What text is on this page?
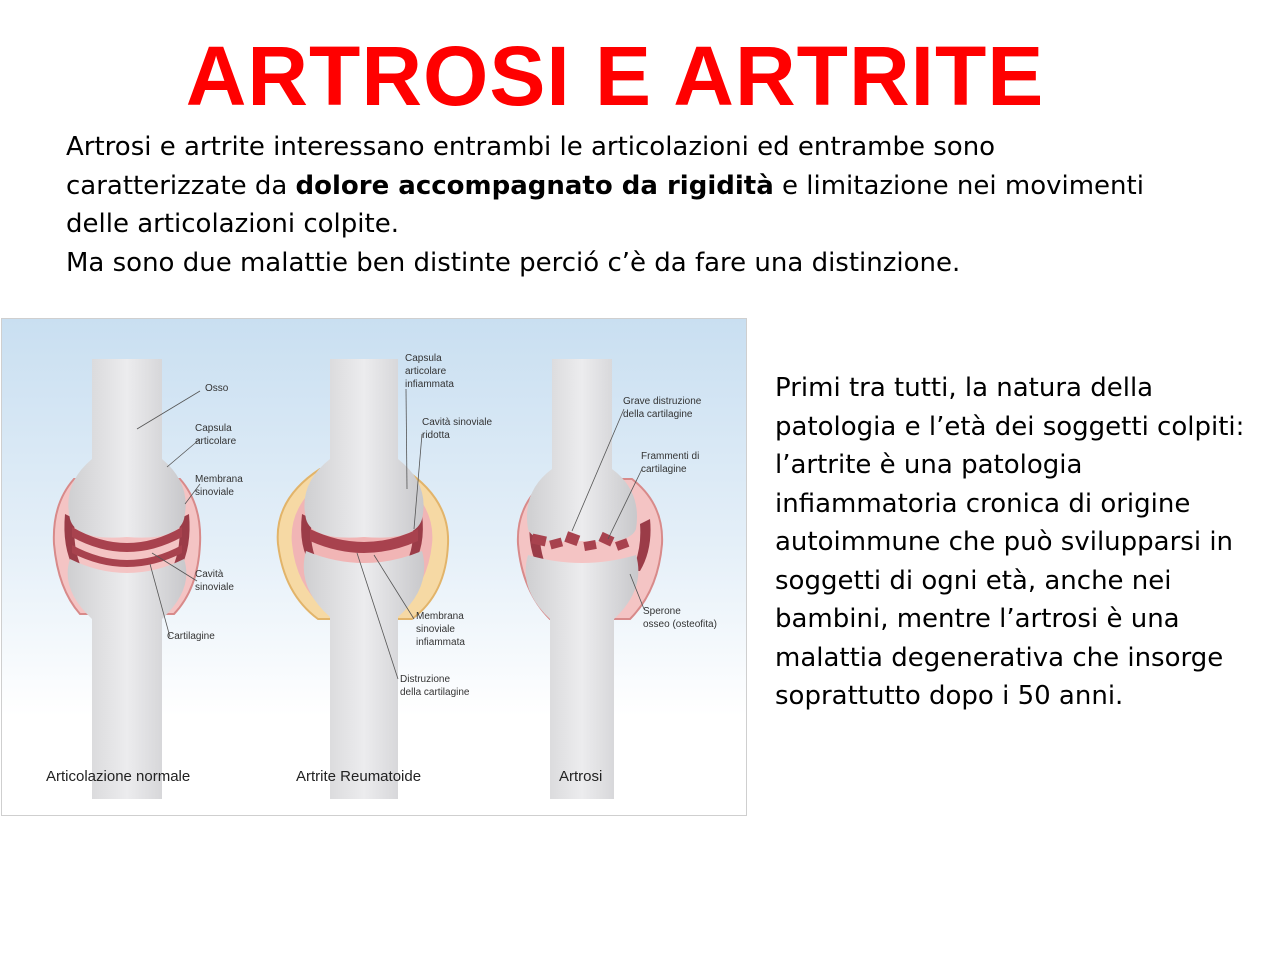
ARTROSI E ARTRITE
Artrosi e artrite interessano entrambi le articolazioni ed entrambe sono caratterizzate da dolore accompagnato da rigidità e limitazione nei movimenti delle articolazioni colpite.
Ma sono due malattie ben distinte perció c’è da fare una distinzione.
Osso
Capsula
articolare
Membrana
sinoviale
Cavità
sinoviale
Cartilagine
Articolazione normale
Capsula
articolare
infiammata
Cavità sinoviale
ridotta
Membrana
sinoviale
infiammata
Distruzione
della cartilagine
Artrite Reumatoide
Grave distruzione
della cartilagine
Frammenti di
cartilagine
Sperone
osseo (osteofita)
Artrosi
Primi tra tutti, la natura della patologia e l’età dei soggetti colpiti: l’artrite è una patologia infiammatoria cronica di origine autoimmune che può svilupparsi in soggetti di ogni età, anche nei bambini, mentre l’artrosi è una malattia degenerativa che insorge soprattutto dopo i 50 anni.
